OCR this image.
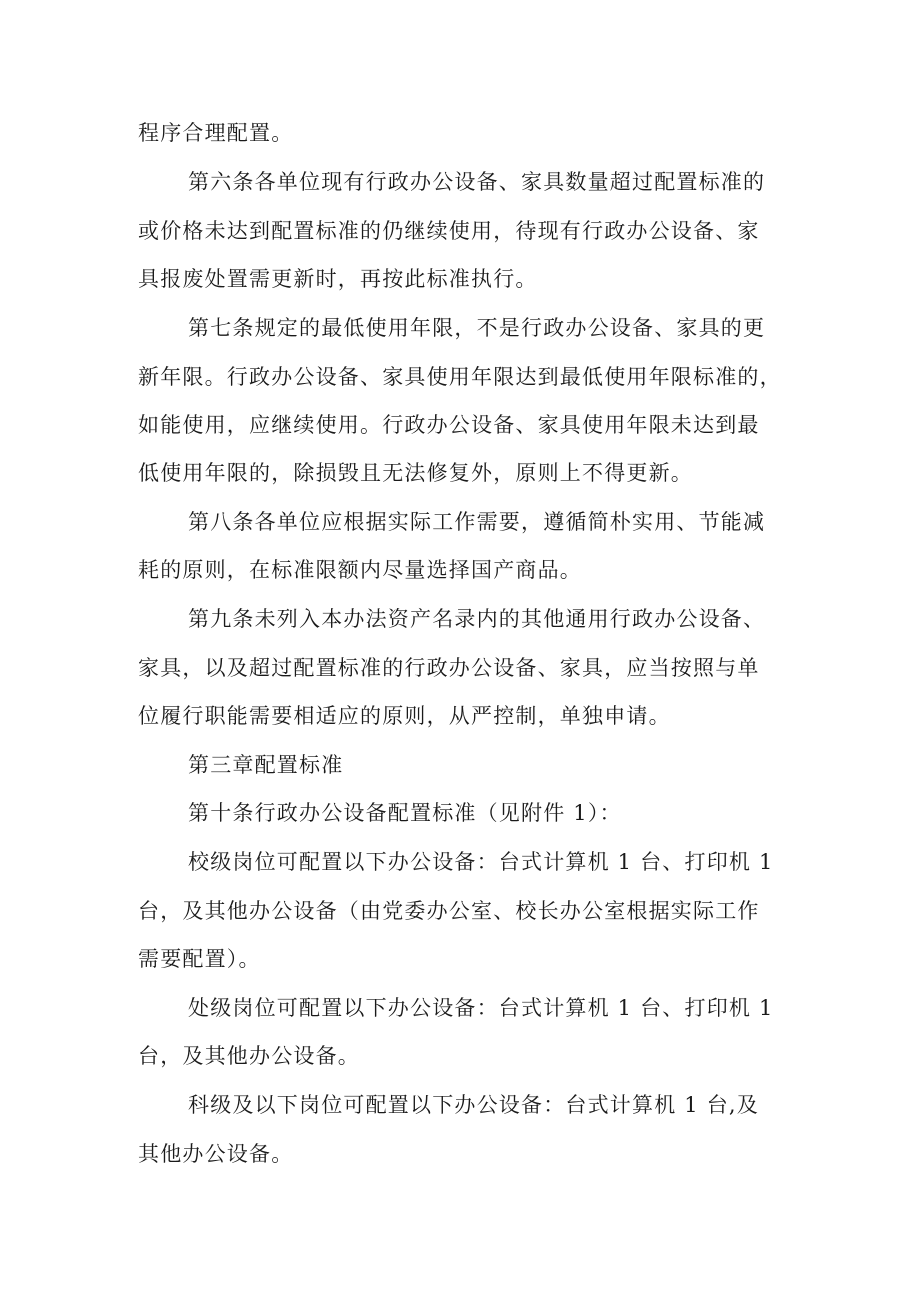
程序合理配置。
第六条各单位现有行政办公设备、家具数量超过配置标准的
或价格未达到配置标准的仍继续使用，待现有行政办公设备、家
具报废处置需更新时，再按此标准执行。
第七条规定的最低使用年限，不是行政办公设备、家具的更
新年限。行政办公设备、家具使用年限达到最低使用年限标准的，
如能使用，应继续使用。行政办公设备、家具使用年限未达到最
低使用年限的，除损毁且无法修复外，原则上不得更新。
第八条各单位应根据实际工作需要，遵循简朴实用、节能减
耗的原则，在标准限额内尽量选择国产商品。
第九条未列入本办法资产名录内的其他通用行政办公设备、
家具，以及超过配置标准的行政办公设备、家具，应当按照与单
位履行职能需要相适应的原则，从严控制，单独申请。
第三章配置标准
第十条行政办公设备配置标准（见附件 1）：
校级岗位可配置以下办公设备：台式计算机 1 台、打印机 1
台，及其他办公设备（由党委办公室、校长办公室根据实际工作
需要配置）。
处级岗位可配置以下办公设备：台式计算机 1 台、打印机 1
台，及其他办公设备。
科级及以下岗位可配置以下办公设备：台式计算机 1 台,及
其他办公设备。
